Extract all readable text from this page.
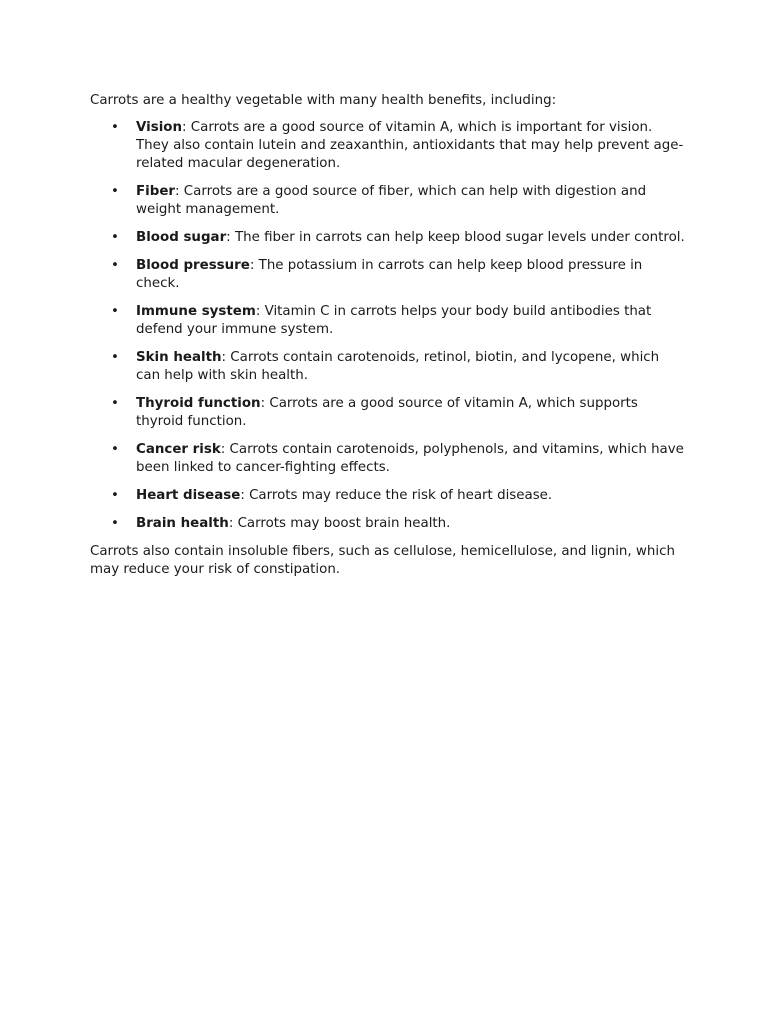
Carrots are a healthy vegetable with many health benefits, including:

• Vision: Carrots are a good source of vitamin A, which is important for vision. They also contain lutein and zeaxanthin, antioxidants that may help prevent age-related macular degeneration.
• Fiber: Carrots are a good source of fiber, which can help with digestion and weight management.
• Blood sugar: The fiber in carrots can help keep blood sugar levels under control.
• Blood pressure: The potassium in carrots can help keep blood pressure in check.
• Immune system: Vitamin C in carrots helps your body build antibodies that defend your immune system.
• Skin health: Carrots contain carotenoids, retinol, biotin, and lycopene, which can help with skin health.
• Thyroid function: Carrots are a good source of vitamin A, which supports thyroid function.
• Cancer risk: Carrots contain carotenoids, polyphenols, and vitamins, which have been linked to cancer-fighting effects.
• Heart disease: Carrots may reduce the risk of heart disease.
• Brain health: Carrots may boost brain health.

Carrots also contain insoluble fibers, such as cellulose, hemicellulose, and lignin, which may reduce your risk of constipation.
